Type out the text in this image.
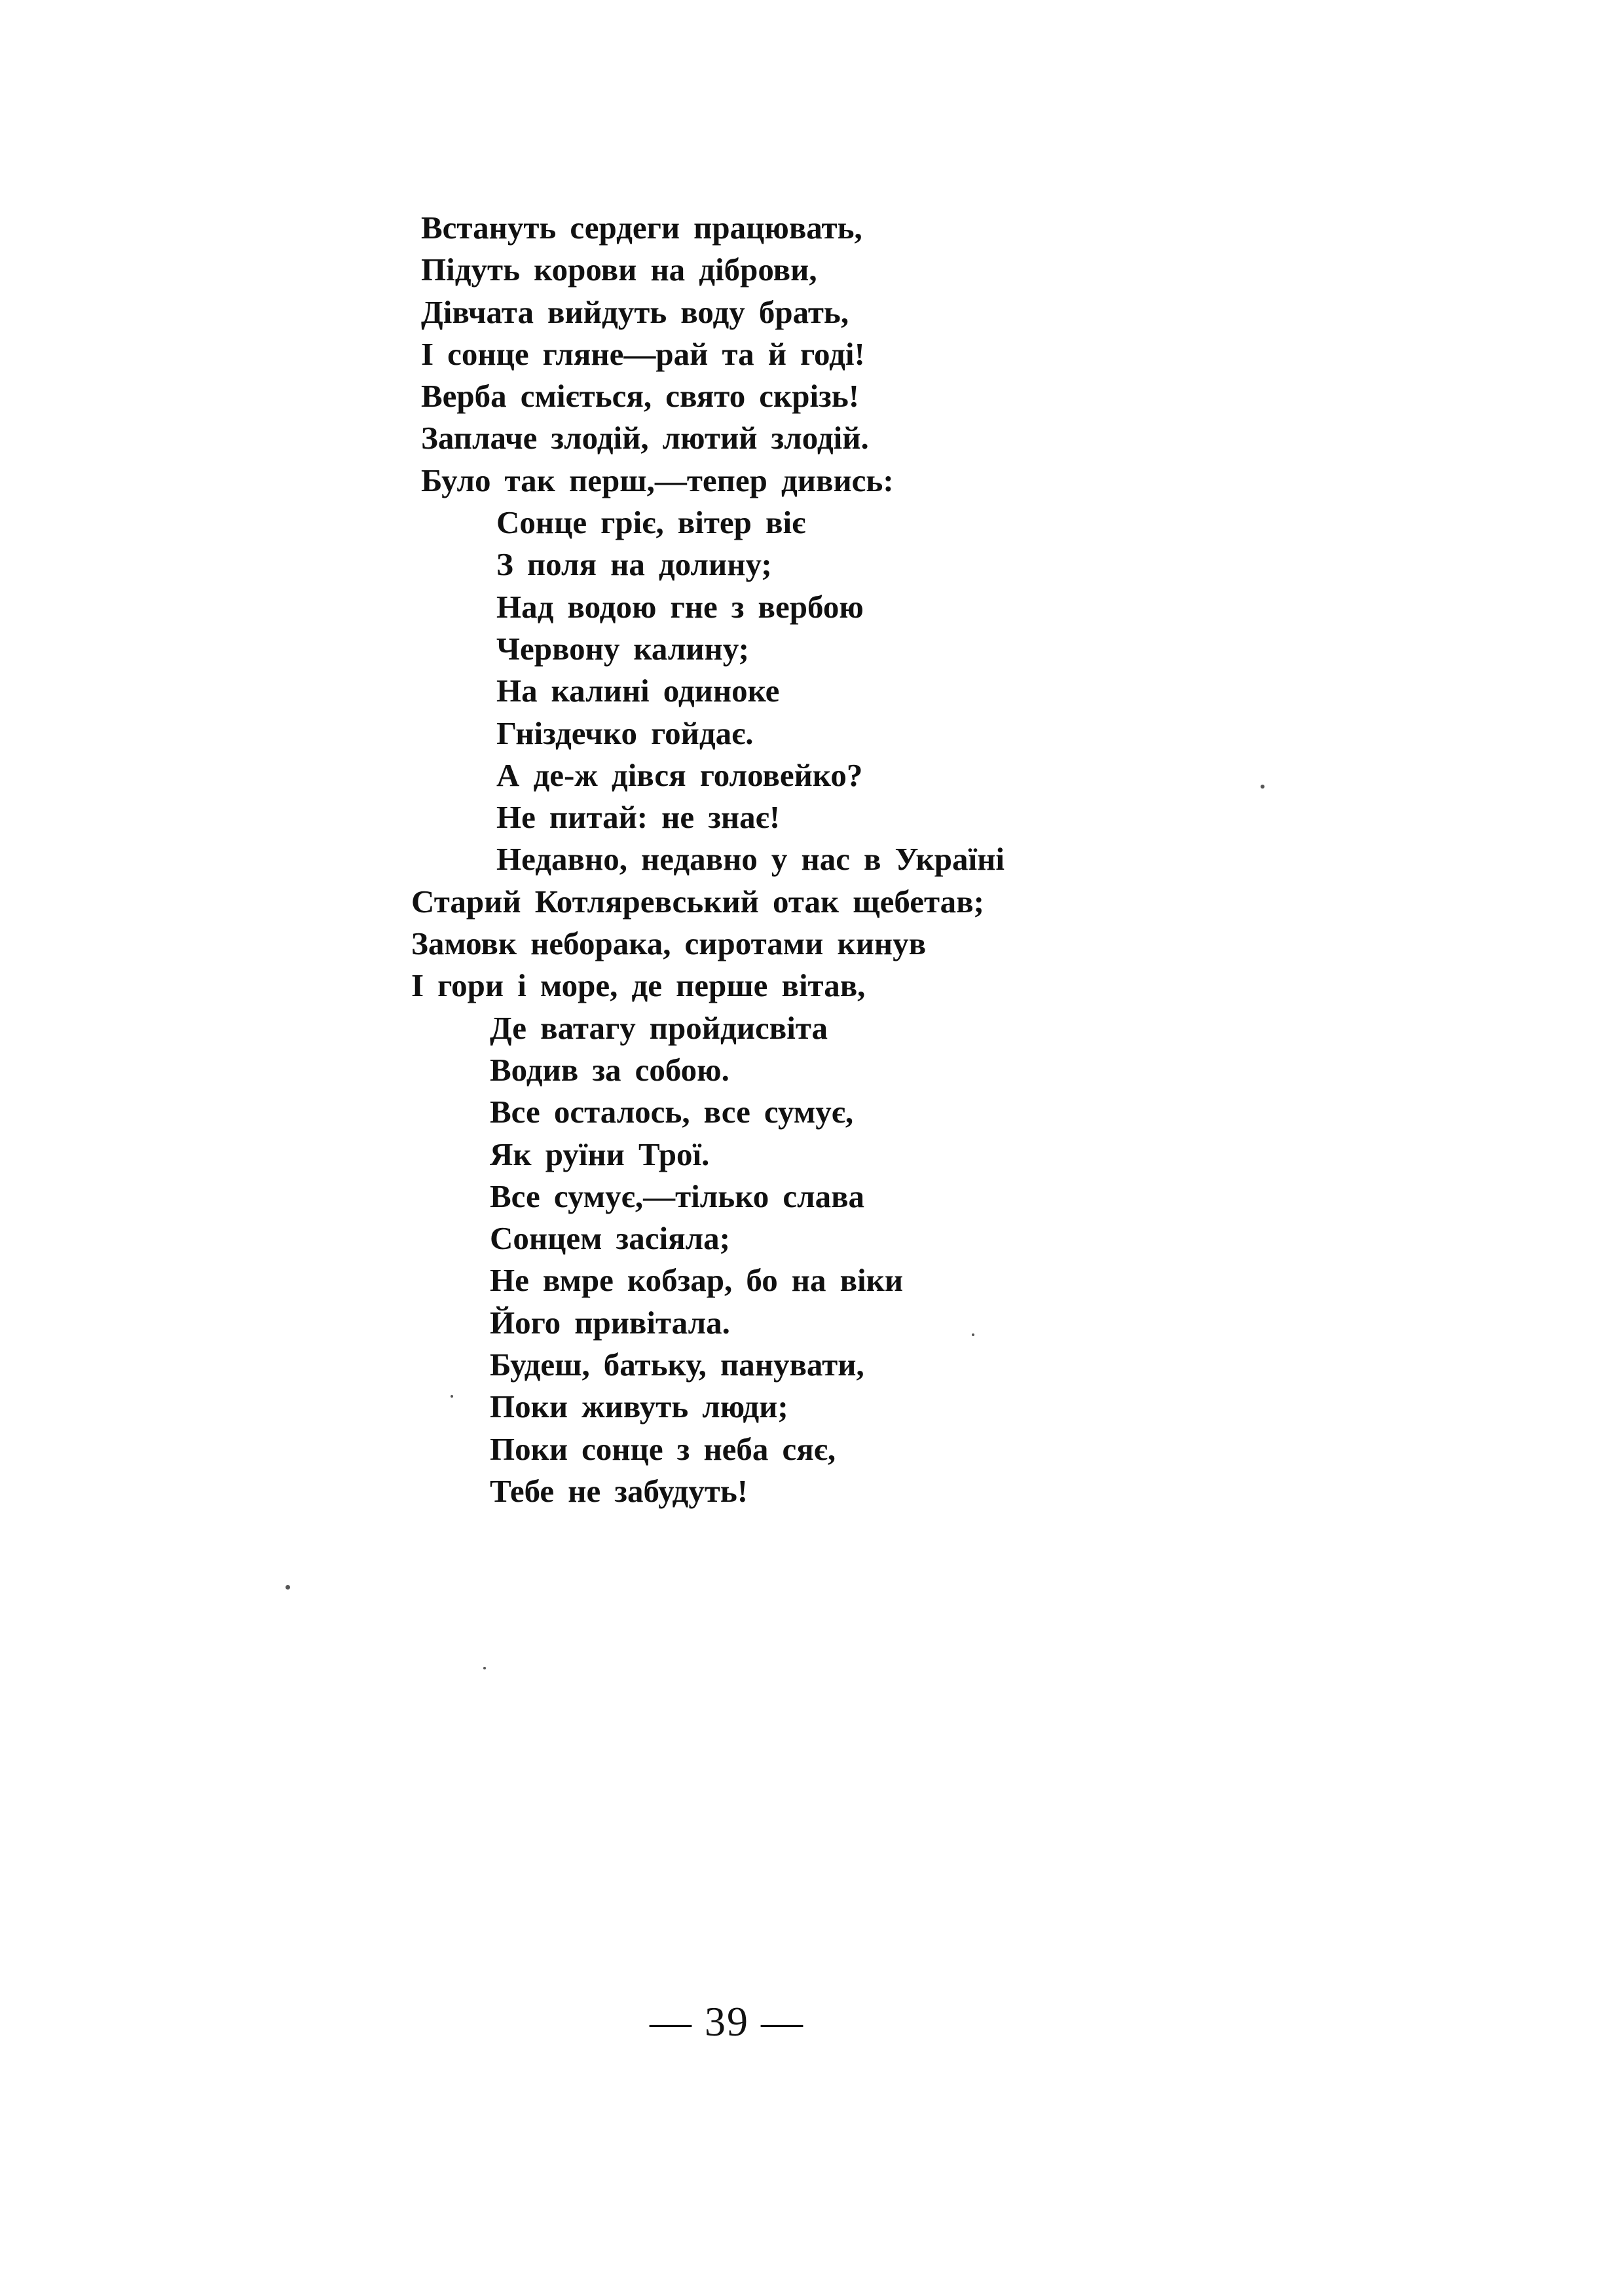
Встануть сердеги працювать,
Підуть корови на діброви,
Дівчата вийдуть воду брать,
І сонце гляне—рай та й годі!
Верба сміється, свято скрізь!
Заплаче злодій, лютий злодій.
Було так перш,—тепер дивись:
Сонце гріє, вітер віє
З поля на долину;
Над водою гне з вербою
Червону калину;
На калині одиноке
Гніздечко гойдає.
А де-ж дівся головейко?
Не питай: не знає!
Недавно, недавно у нас в Україні
Старий Котляревський отак щебетав;
Замовк неборака, сиротами кинув
І гори і море, де перше вітав,
Де ватагу пройдисвіта
Водив за собою.
Все осталось, все сумує,
Як руїни Трої.
Все сумує,—тілько слава
Сонцем засіяла;
Не вмре кобзар, бо на віки
Його привітала.
Будеш, батьку, панувати,
Поки живуть люди;
Поки сонце з неба сяє,
Тебе не забудуть!
— 39 —
